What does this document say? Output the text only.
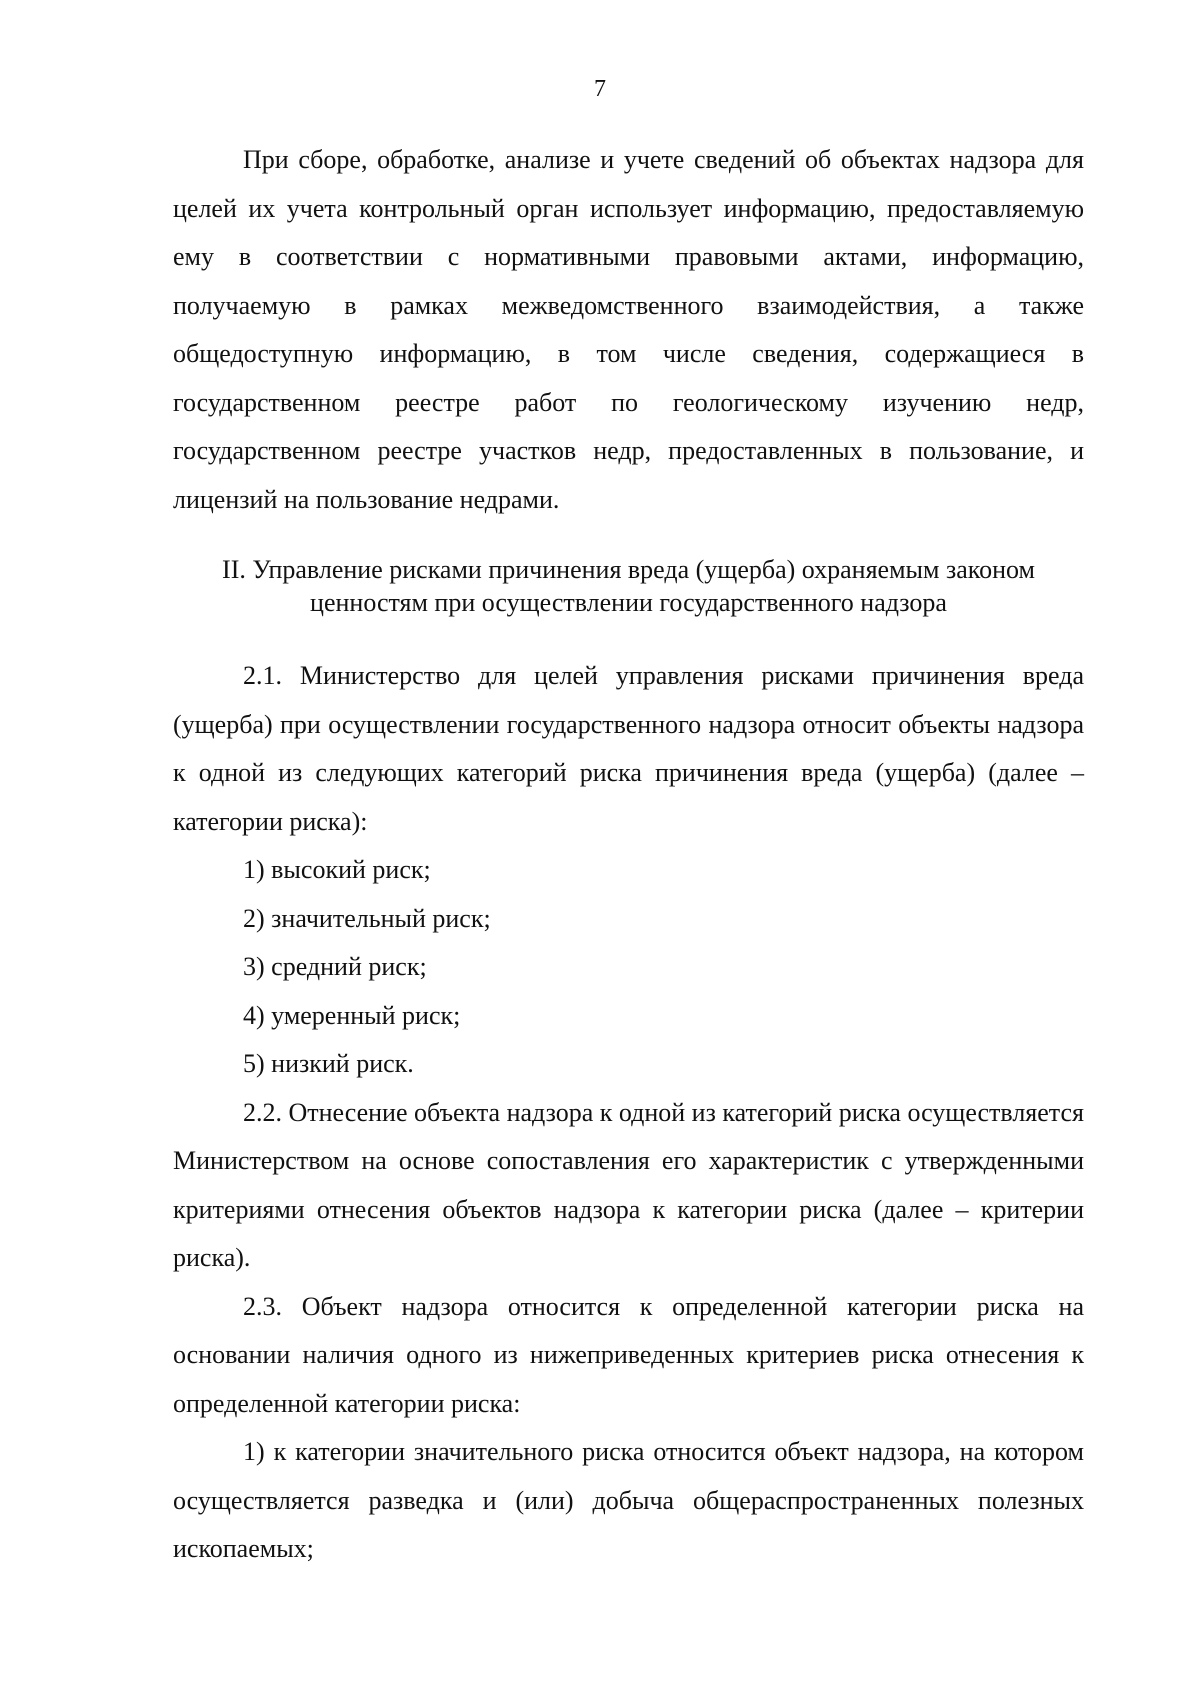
7

При сборе, обработке, анализе и учете сведений об объектах надзора для целей их учета контрольный орган использует информацию, предоставляемую ему в соответствии с нормативными правовыми актами, информацию, получаемую в рамках межведомственного взаимодействия, а также общедоступную информацию, в том числе сведения, содержащиеся в государственном реестре работ по геологическому изучению недр, государственном реестре участков недр, предоставленных в пользование, и лицензий на пользование недрами.

II. Управление рисками причинения вреда (ущерба) охраняемым законом
ценностям при осуществлении государственного надзора

2.1. Министерство для целей управления рисками причинения вреда (ущерба) при осуществлении государственного надзора относит объекты надзора к одной из следующих категорий риска причинения вреда (ущерба) (далее – категории риска):

1) высокий риск;

2) значительный риск;

3) средний риск;

4) умеренный риск;

5) низкий риск.

2.2. Отнесение объекта надзора к одной из категорий риска осуществляется Министерством на основе сопоставления его характеристик с утвержденными критериями отнесения объектов надзора к категории риска (далее – критерии риска).

2.3. Объект надзора относится к определенной категории риска на основании наличия одного из нижеприведенных критериев риска отнесения к определенной категории риска:

1) к категории значительного риска относится объект надзора, на котором осуществляется разведка и (или) добыча общераспространенных полезных ископаемых;
